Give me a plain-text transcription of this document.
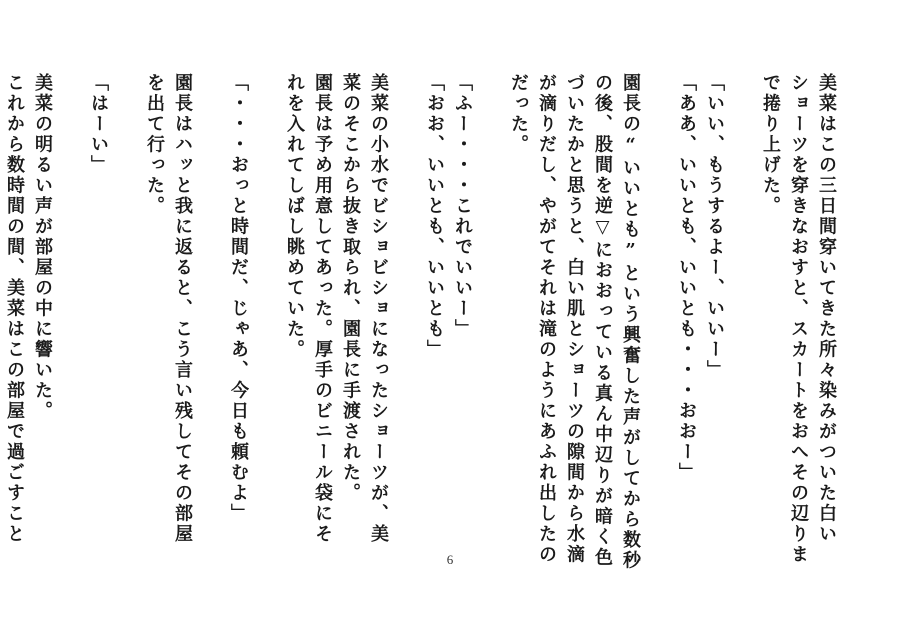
美菜はこの三日間穿いてきた所々染みがついた白い
ショーツを穿きなおすと、スカートをおへその辺りま
で捲り上げた。
「いい、もうするよー、いいー」
「ああ、いいとも、いいとも・・・おおー」
園長の“いいとも”という興奮した声がしてから数秒
の後、股間を逆▽におおっている真ん中辺りが暗く色
づいたかと思うと、白い肌とショーツの隙間から水滴
が滴りだし、やがてそれは滝のようにあふれ出したの
だった。
「ふー・・・これでいいー」
「おお、いいとも、いいとも」
美菜の小水でビショビショになったショーツが、美
菜のそこから抜き取られ、園長に手渡された。
園長は予め用意してあった。厚手のビニール袋にそ
れを入れてしばし眺めていた。
「・・・おっと時間だ、じゃあ、今日も頼むよ」
園長はハッと我に返ると、こう言い残してその部屋
を出て行った。
「はーい」
美菜の明るい声が部屋の中に響いた。
これから数時間の間、美菜はこの部屋で過ごすこと
6
